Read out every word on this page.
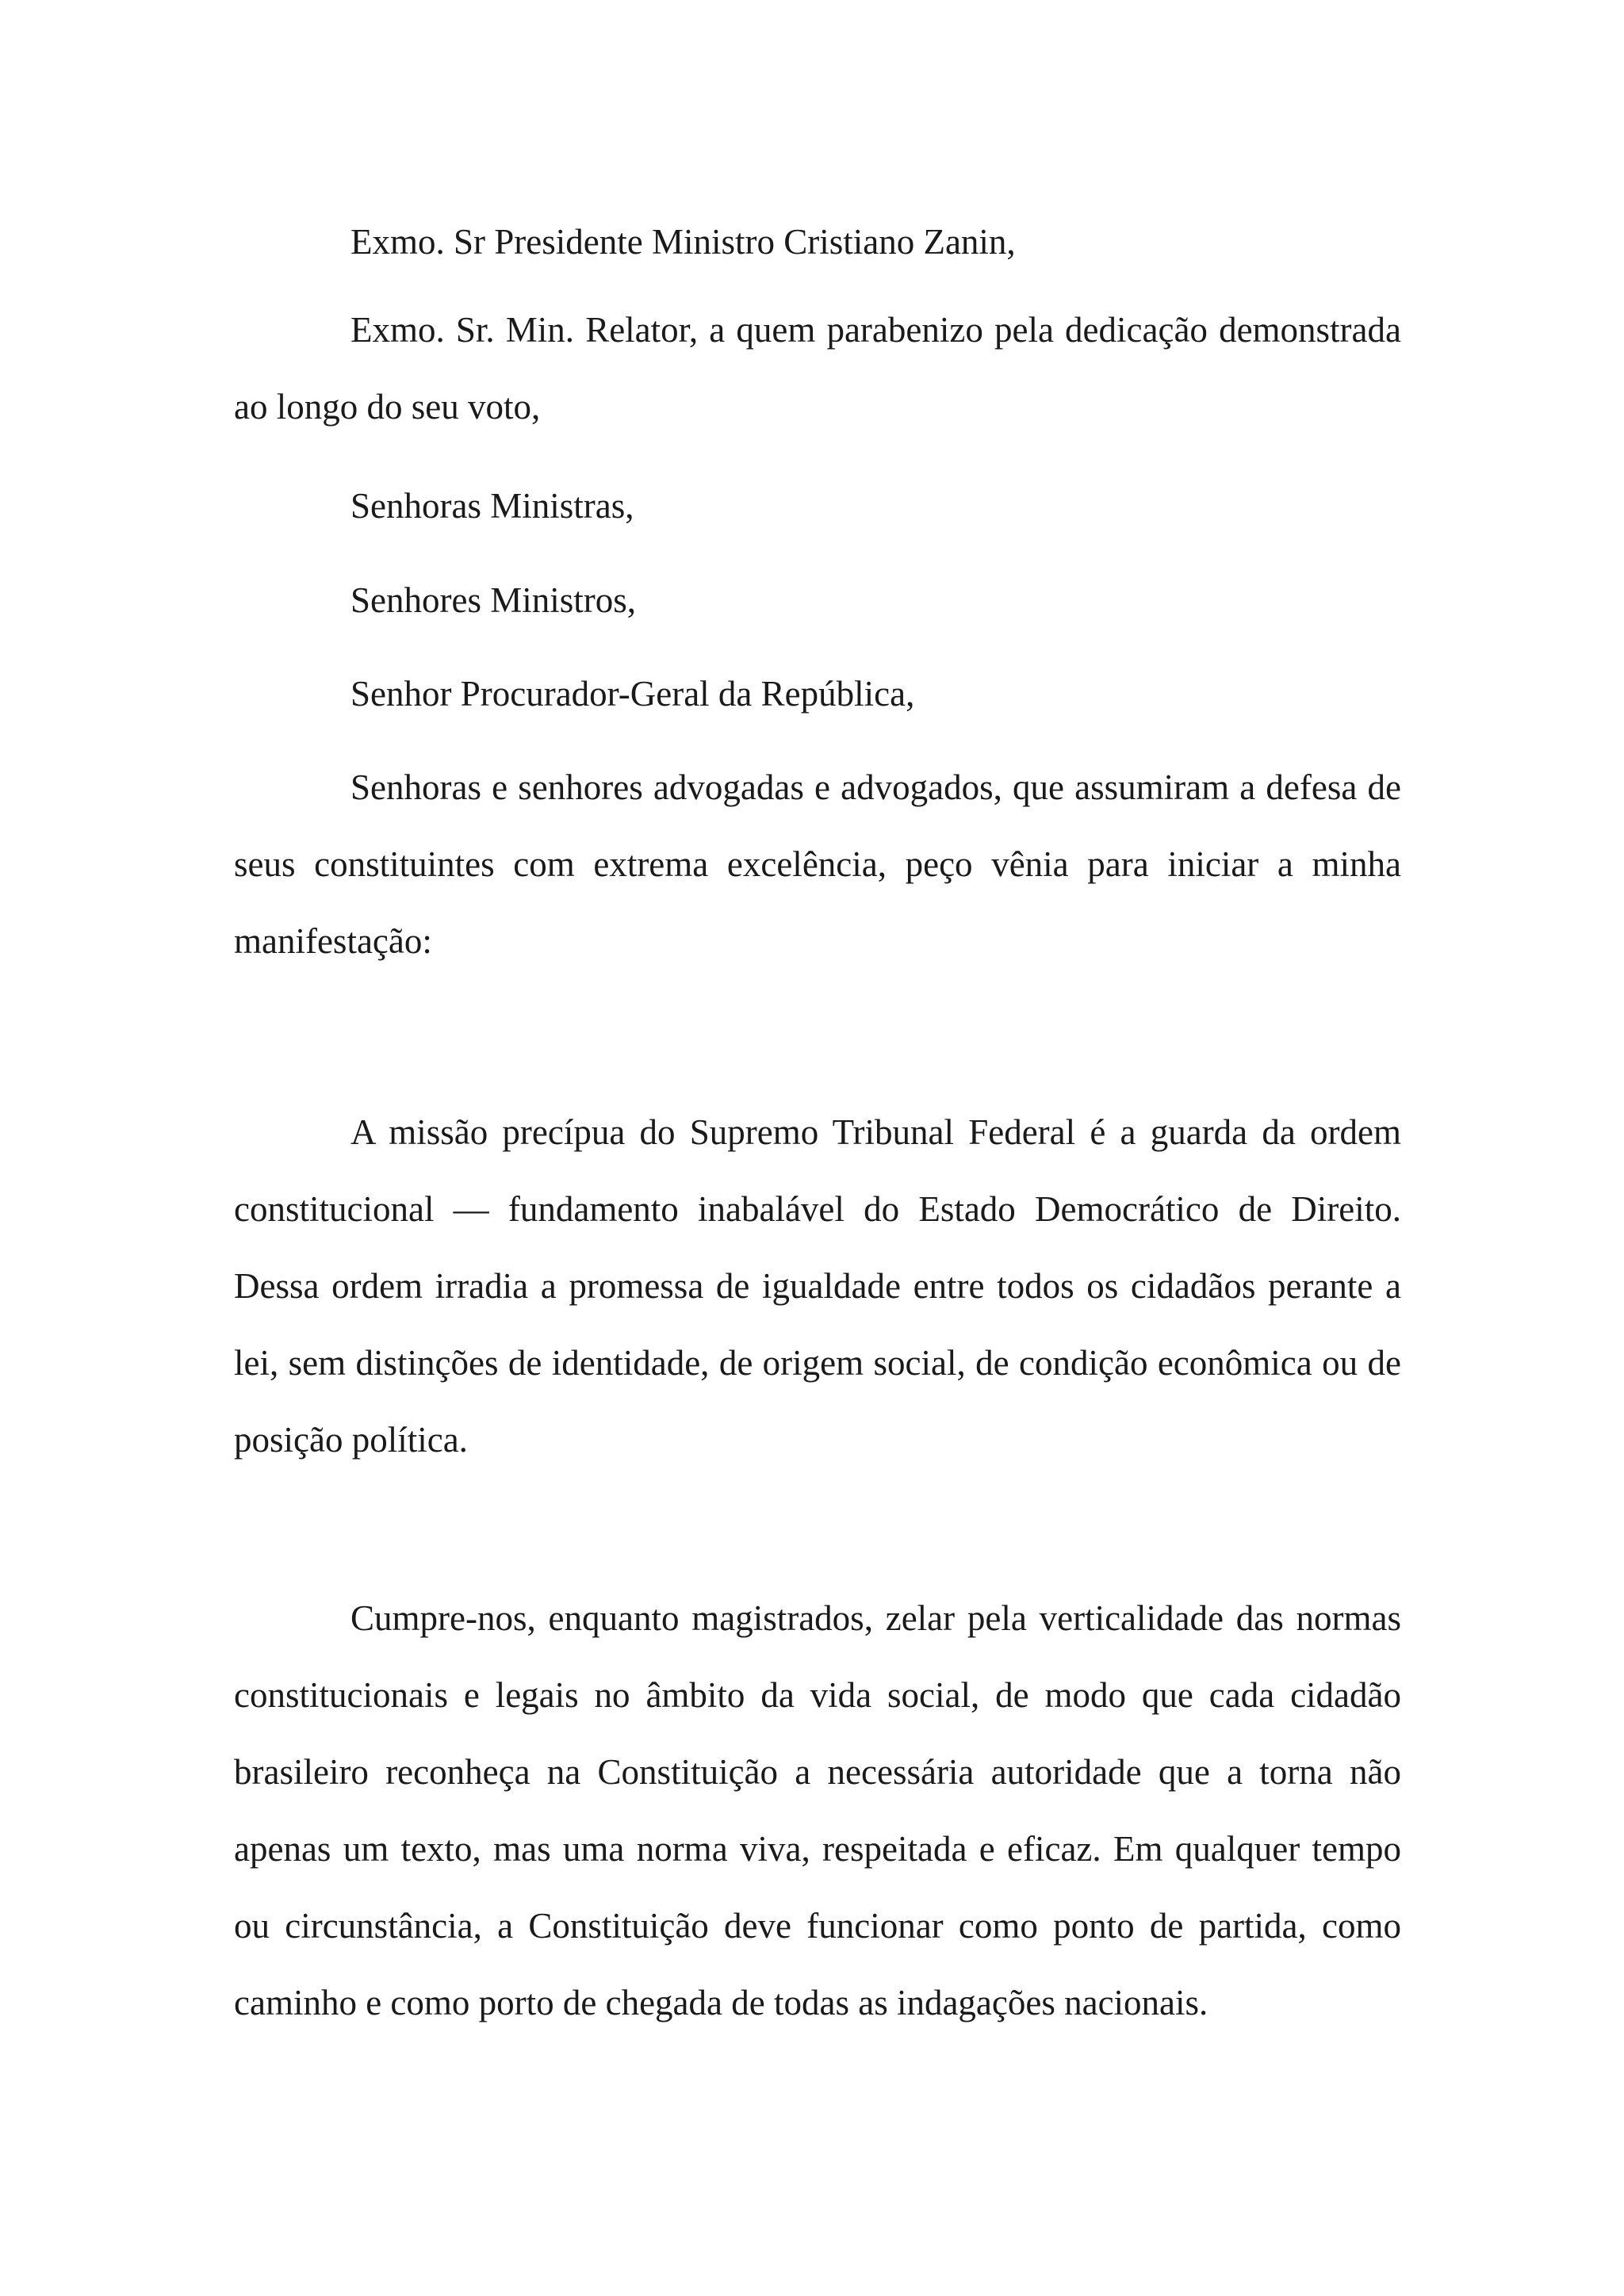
Exmo. Sr Presidente Ministro Cristiano Zanin,

Exmo. Sr. Min. Relator, a quem parabenizo pela dedicação demonstrada ao longo do seu voto,

Senhoras Ministras,

Senhores Ministros,

Senhor Procurador-Geral da República,

Senhoras e senhores advogadas e advogados, que assumiram a defesa de seus constituintes com extrema excelência, peço vênia para iniciar a minha manifestação:

A missão precípua do Supremo Tribunal Federal é a guarda da ordem constitucional — fundamento inabalável do Estado Democrático de Direito. Dessa ordem irradia a promessa de igualdade entre todos os cidadãos perante a lei, sem distinções de identidade, de origem social, de condição econômica ou de posição política.

Cumpre-nos, enquanto magistrados, zelar pela verticalidade das normas constitucionais e legais no âmbito da vida social, de modo que cada cidadão brasileiro reconheça na Constituição a necessária autoridade que a torna não apenas um texto, mas uma norma viva, respeitada e eficaz. Em qualquer tempo ou circunstância, a Constituição deve funcionar como ponto de partida, como caminho e como porto de chegada de todas as indagações nacionais.
